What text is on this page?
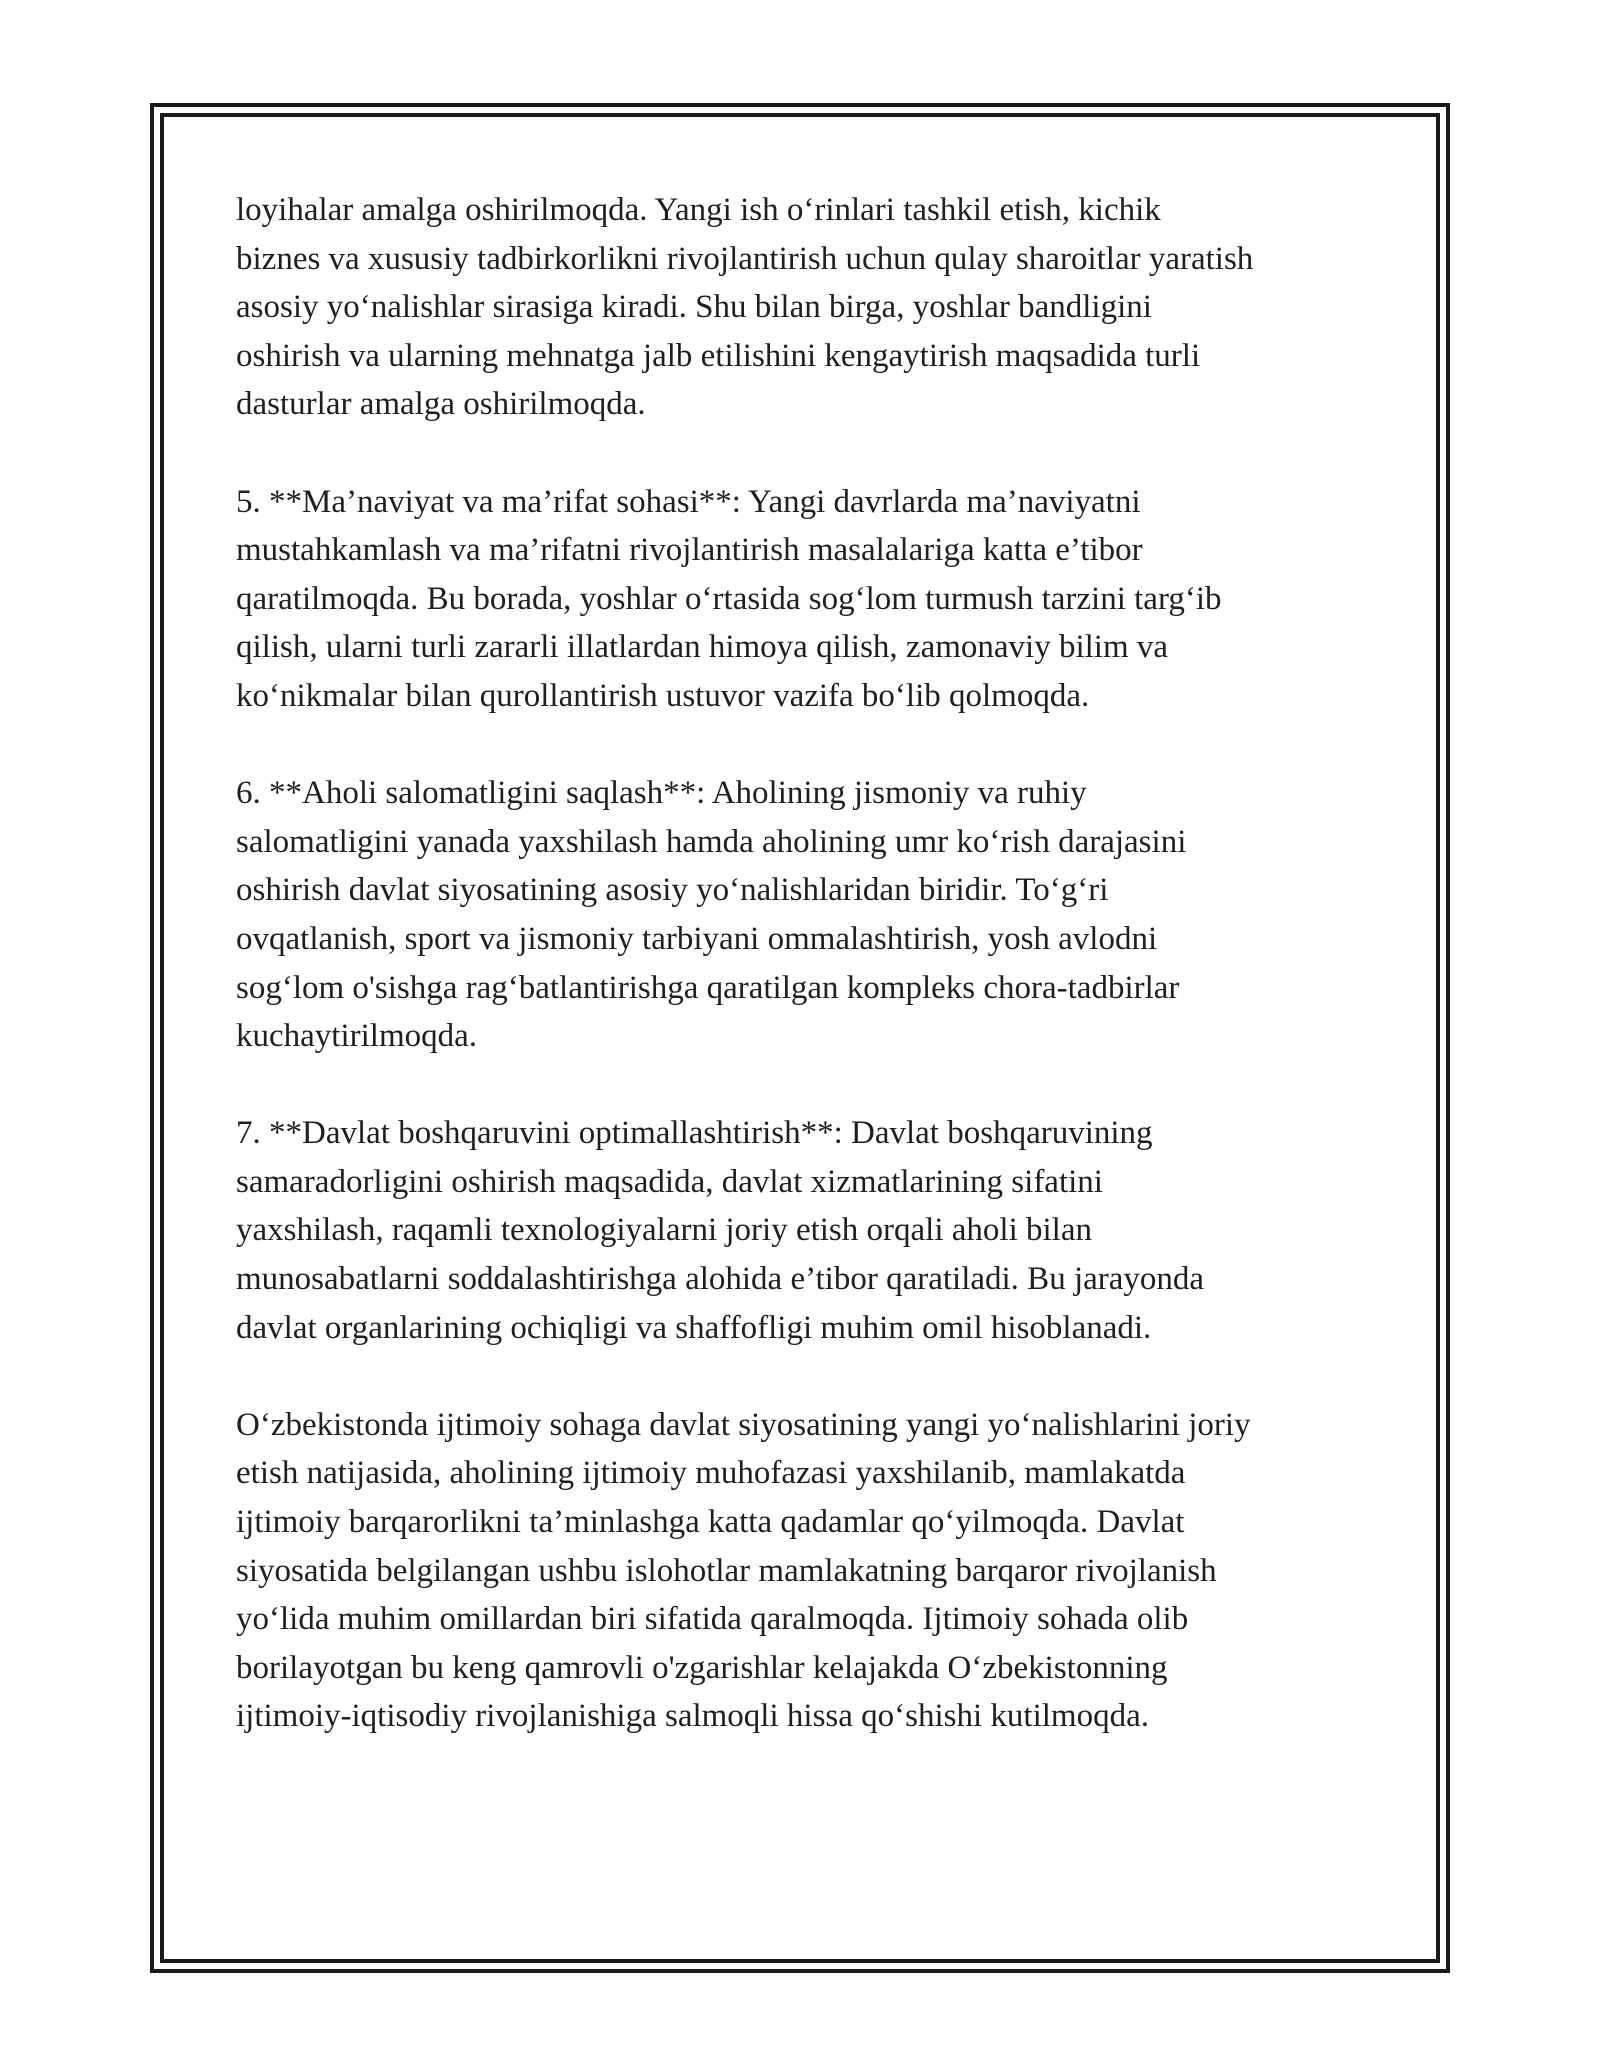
loyihalar amalga oshirilmoqda. Yangi ish o‘rinlari tashkil etish, kichik
biznes va xususiy tadbirkorlikni rivojlantirish uchun qulay sharoitlar yaratish
asosiy yo‘nalishlar sirasiga kiradi. Shu bilan birga, yoshlar bandligini
oshirish va ularning mehnatga jalb etilishini kengaytirish maqsadida turli
dasturlar amalga oshirilmoqda.
5. **Ma’naviyat va ma’rifat sohasi**: Yangi davrlarda ma’naviyatni
mustahkamlash va ma’rifatni rivojlantirish masalalariga katta e’tibor
qaratilmoqda. Bu borada, yoshlar o‘rtasida sog‘lom turmush tarzini targ‘ib
qilish, ularni turli zararli illatlardan himoya qilish, zamonaviy bilim va
ko‘nikmalar bilan qurollantirish ustuvor vazifa bo‘lib qolmoqda.
6. **Aholi salomatligini saqlash**: Aholining jismoniy va ruhiy
salomatligini yanada yaxshilash hamda aholining umr ko‘rish darajasini
oshirish davlat siyosatining asosiy yo‘nalishlaridan biridir. To‘g‘ri
ovqatlanish, sport va jismoniy tarbiyani ommalashtirish, yosh avlodni
sog‘lom o'sishga rag‘batlantirishga qaratilgan kompleks chora-tadbirlar
kuchaytirilmoqda.
7. **Davlat boshqaruvini optimallashtirish**: Davlat boshqaruvining
samaradorligini oshirish maqsadida, davlat xizmatlarining sifatini
yaxshilash, raqamli texnologiyalarni joriy etish orqali aholi bilan
munosabatlarni soddalashtirishga alohida e’tibor qaratiladi. Bu jarayonda
davlat organlarining ochiqligi va shaffofligi muhim omil hisoblanadi.
O‘zbekistonda ijtimoiy sohaga davlat siyosatining yangi yo‘nalishlarini joriy
etish natijasida, aholining ijtimoiy muhofazasi yaxshilanib, mamlakatda
ijtimoiy barqarorlikni ta’minlashga katta qadamlar qo‘yilmoqda. Davlat
siyosatida belgilangan ushbu islohotlar mamlakatning barqaror rivojlanish
yo‘lida muhim omillardan biri sifatida qaralmoqda. Ijtimoiy sohada olib
borilayotgan bu keng qamrovli o'zgarishlar kelajakda O‘zbekistonning
ijtimoiy-iqtisodiy rivojlanishiga salmoqli hissa qo‘shishi kutilmoqda.
